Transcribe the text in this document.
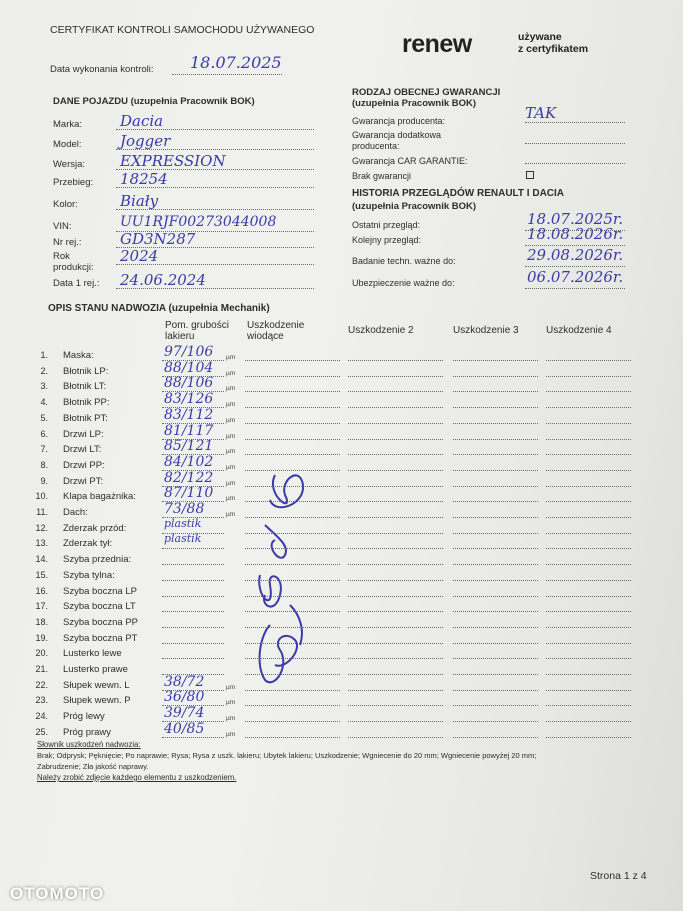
CERTYFIKAT KONTROLI SAMOCHODU UŻYWANEGO	renew	używane
z certyfikatem
Data wykonania kontroli: 18.07.2025
RODZAJ OBECNEJ GWARANCJI
(uzupełnia Pracownik BOK)
Gwarancja producenta:	TAK
Gwarancja dodatkowa
producenta:
Gwarancja CAR GARANTIE:
Brak gwarancji
HISTORIA PRZEGLĄDÓW RENAULT I DACIA
(uzupełnia Pracownik BOK)
OPIS STANU NADWOZIA (uzupełnia Mechanik)
Pom. grubości
lakieru
Uszkodzenie
wiodące
Uszkodzenie 2	Uszkodzenie 3	Uszkodzenie 4
Słownik uszkodzeń nadwozia:
Brak; Odprysk; Pęknięcie; Po naprawie; Rysa; Rysa z uszk. lakieru; Ubytek lakieru; Uszkodzenie; Wgniecenie do 20 mm; Wgniecenie powyżej 20 mm;
Zabrudzenie; Zła jakość naprawy.
Należy zrobić zdjęcie każdego elementu z uszkodzeniem.
Strona 1 z 4
OTOMOTO
DANE POJAZDU (uzupełnia Pracownik BOK)
Marka:	Dacia
Model:	Jogger
Wersja: EXPRESSION
Przebieg: 18254
Kolor:	Biały
VIN:	UU1RJF00273044008
Nr rej.:	GD3N287
Rok
produkcji:
2024
Data 1 rej.: 24.06.2024
Ostatni przegląd:	18.07.2025r.
Kolejny przegląd:	18.08.2026r.
Badanie techn. ważne do:	29.08.2026r.
Ubezpieczenie ważne do:	06.07.2026r.
1. Maska:	97/106 µm
2. Błotnik LP:	88/104 µm
3. Błotnik LT:	88/106 µm
4. Błotnik PP:	83/126 µm
5. Błotnik PT:	83/112 µm
6. Drzwi LP:	81/117 µm
7. Drzwi LT:	85/121 µm
8. Drzwi PP:	84/102 µm
9. Drzwi PT:	82/122 µm
10. Klapa bagażnika: 87/110 µm
11. Dach:	73/88	µm
12. Zderzak przód:	plastik
13. Zderzak tył:	plastik
14. Szyba przednia:
15. Szyba tylna:
16. Szyba boczna LP
17. Szyba boczna LT
18. Szyba boczna PP
19. Szyba boczna PT
20. Lusterko lewe
21. Lusterko prawe
22. Słupek wewn. L 38/72	µm
23. Słupek wewn. P 36/80	µm
24. Próg lewy	39/74	µm
25. Próg prawy	40/85	µm
